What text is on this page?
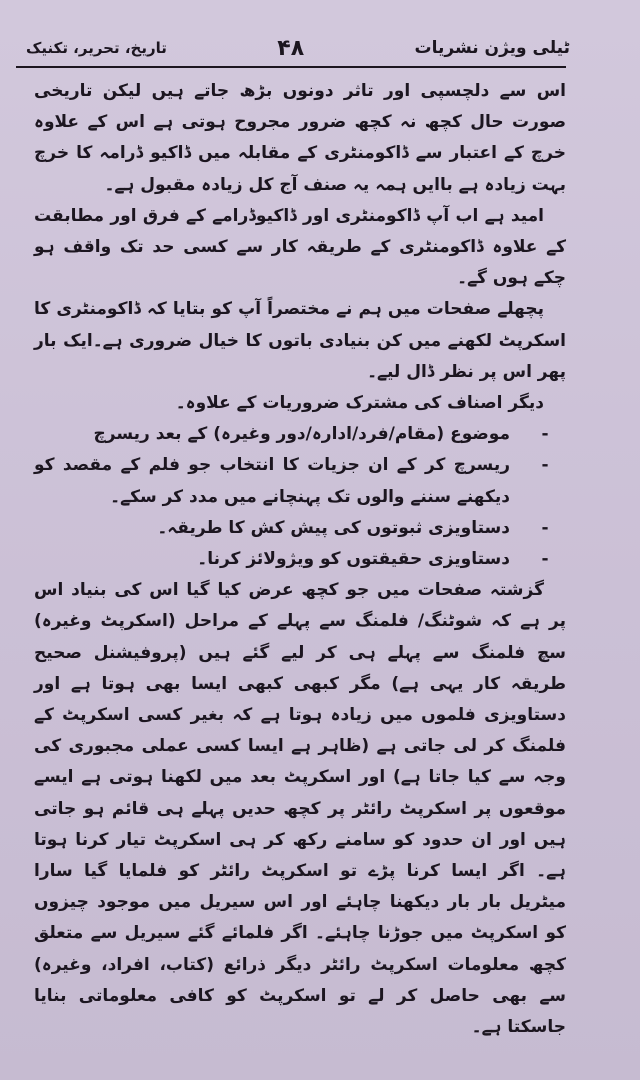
تاریخ، تحریر، تکنیک	۴۸	ٹیلی ویژن نشریات

اس سے دلچسپی اور تاثر دونوں بڑھ جاتے ہیں لیکن تاریخی صورت حال کچھ نہ کچھ ضرور مجروح ہوتی ہے اس کے علاوہ خرچ کے اعتبار سے ڈاکومنٹری کے مقابلہ میں ڈاکیو ڈرامہ کا خرچ بہت زیادہ ہے باایں ہمہ یہ صنف آج کل زیادہ مقبول ہے۔

امید ہے اب آپ ڈاکومنٹری اور ڈاکیوڈرامے کے فرق اور مطابقت کے علاوہ ڈاکومنٹری کے طریقہ کار سے کسی حد تک واقف ہو چکے ہوں گے۔

پچھلے صفحات میں ہم نے مختصراً آپ کو بتایا کہ ڈاکومنٹری کا اسکرپٹ لکھنے میں کن بنیادی باتوں کا خیال ضروری ہے۔ایک بار پھر اس پر نظر ڈال لیے۔

دیگر اصناف کی مشترک ضروریات کے علاوہ۔

-
موضوع (مقام/فرد/ادارہ/دور وغیرہ) کے بعد ریسرچ
-
ریسرچ کر کے ان جزیات کا انتخاب جو فلم کے مقصد کو دیکھنے سننے والوں تک پہنچانے میں مدد کر سکے۔
-
دستاویزی ثبوتوں کی پیش کش کا طریقہ۔
-
دستاویزی حقیقتوں کو ویژولائز کرنا۔

گزشتہ صفحات میں جو کچھ عرض کیا گیا اس کی بنیاد اس پر ہے کہ شوٹنگ/ فلمنگ سے پہلے کے مراحل (اسکرپٹ وغیرہ) سچ فلمنگ سے پہلے ہی کر لیے گئے ہیں (پروفیشنل صحیح طریقہ کار یہی ہے) مگر کبھی کبھی ایسا بھی ہوتا ہے اور دستاویزی فلموں میں زیادہ ہوتا ہے کہ بغیر کسی اسکرپٹ کے فلمنگ کر لی جاتی ہے (ظاہر ہے ایسا کسی عملی مجبوری کی وجہ سے کیا جاتا ہے) اور اسکرپٹ بعد میں لکھنا ہوتی ہے ایسے موقعوں پر اسکرپٹ رائٹر پر کچھ حدیں پہلے ہی قائم ہو جاتی ہیں اور ان حدود کو سامنے رکھ کر ہی اسکرپٹ تیار کرنا ہوتا ہے۔ اگر ایسا کرنا پڑے تو اسکرپٹ رائٹر کو فلمایا گیا سارا میٹریل بار بار دیکھنا چاہئے اور اس سیریل میں موجود چیزوں کو اسکرپٹ میں جوڑنا چاہئے۔ اگر فلمائے گئے سیریل سے متعلق کچھ معلومات اسکرپٹ رائٹر دیگر ذرائع (کتاب، افراد، وغیرہ) سے بھی حاصل کر لے تو اسکرپٹ کو کافی معلوماتی بنایا جاسکتا ہے۔
